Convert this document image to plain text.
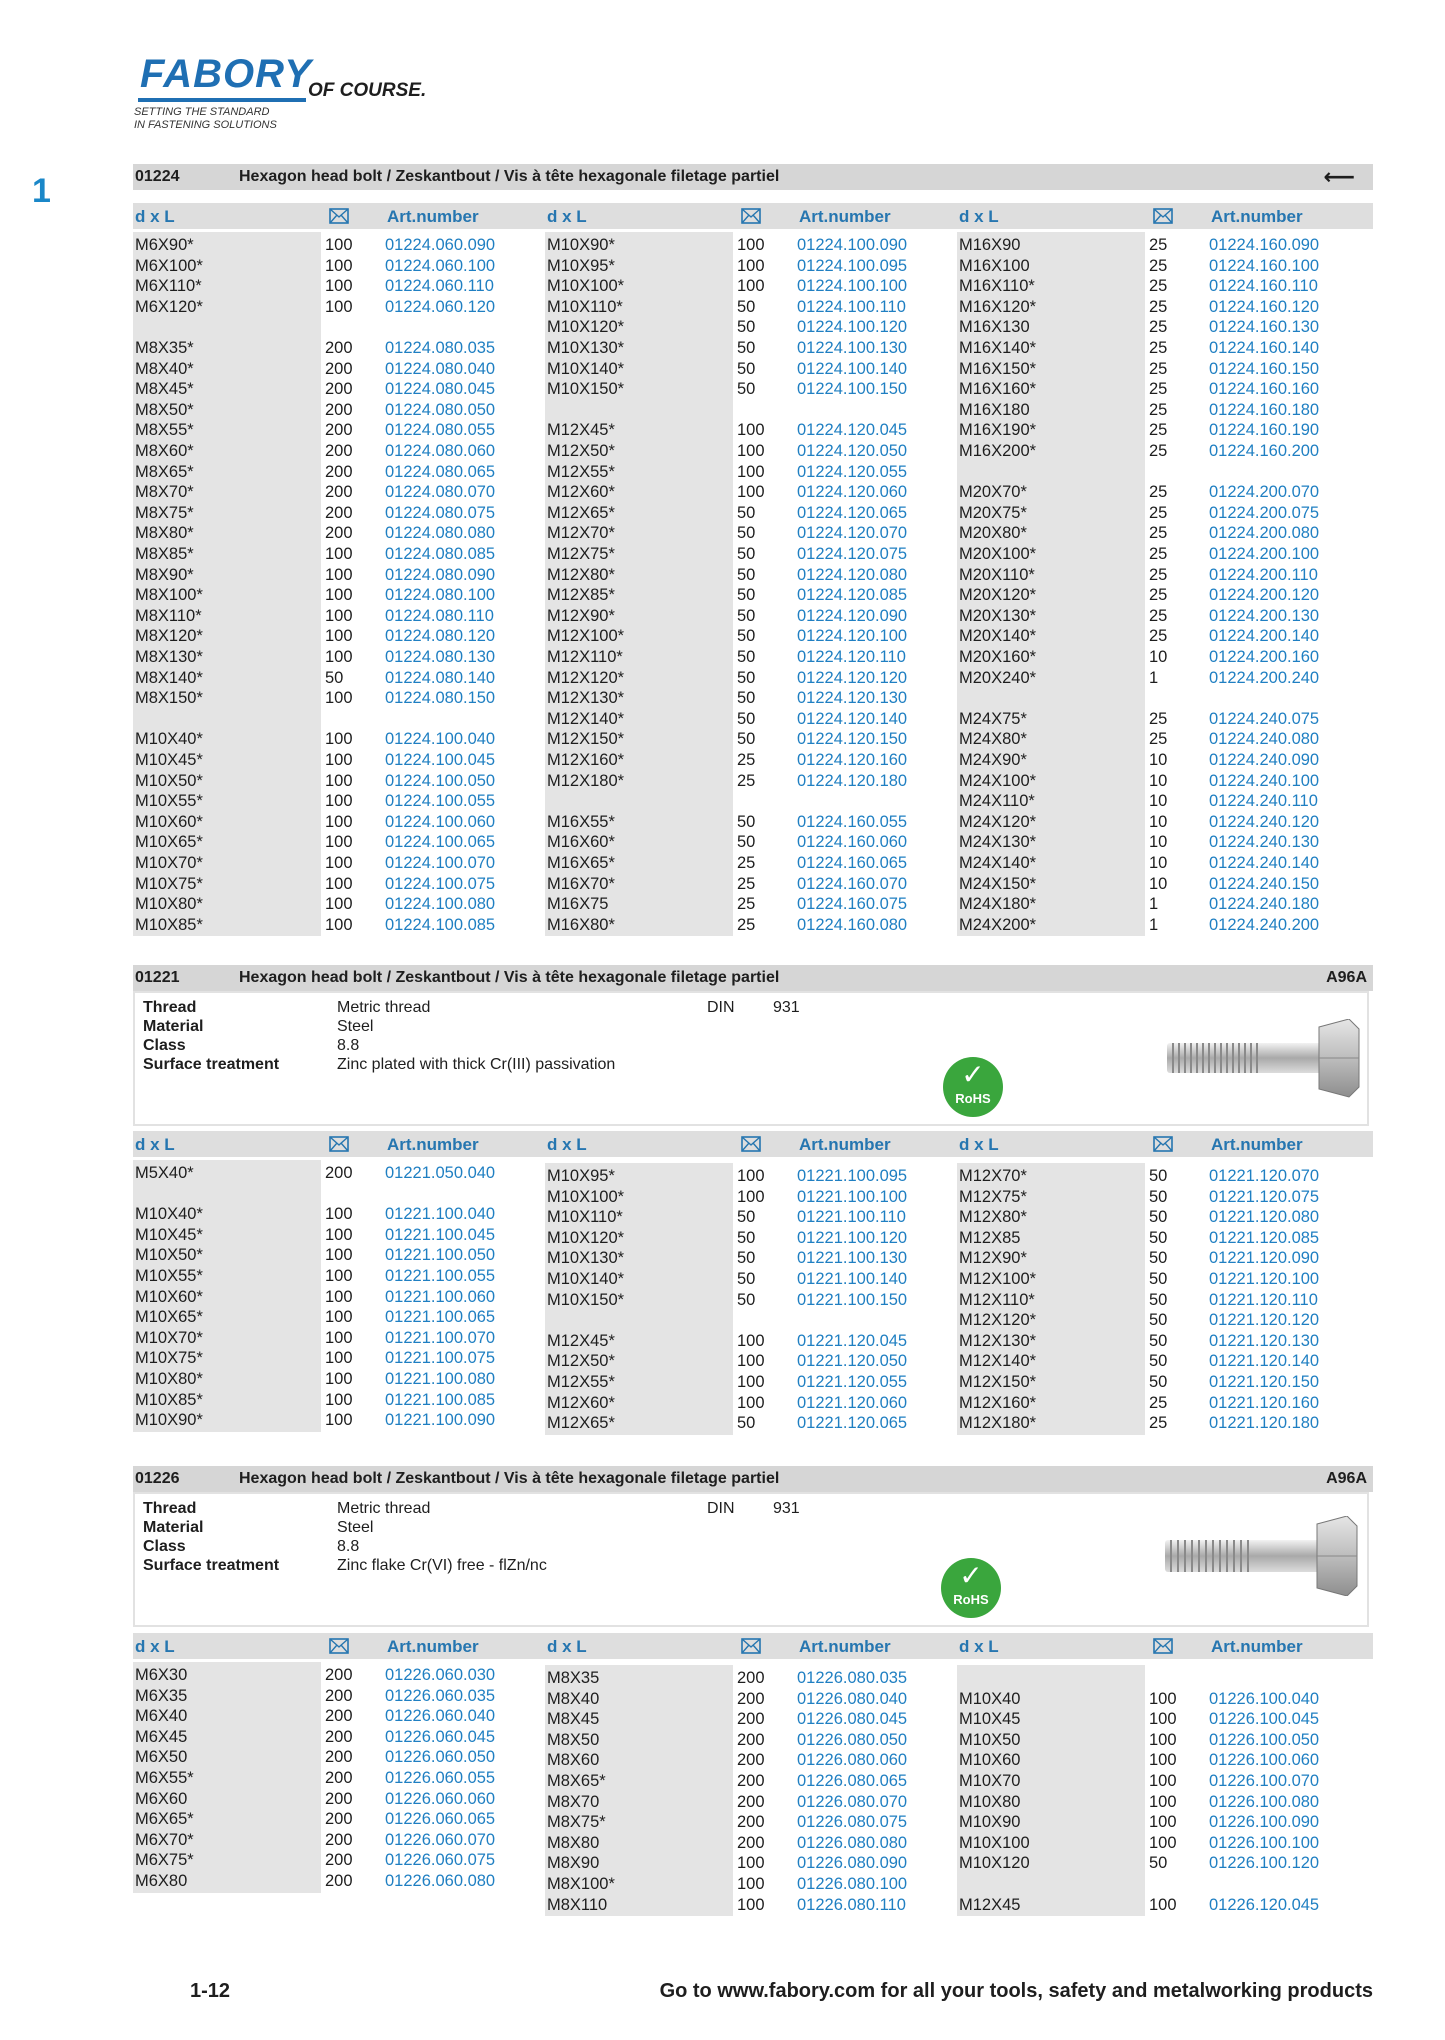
FABORY
OF COURSE.
SETTING THE STANDARD
IN FASTENING SOLUTIONS
1	01224	Hexagon head bolt / Zeskantbout / Vis à tête hexagonale filetage partiel	⟵
d x L	Art.number	d x L	Art.number	d x L	Art.number
M6X90*	100 01224.060.090
M6X100*	100 01224.060.100
M6X110*	100 01224.060.110
M6X120*	100 01224.060.120
M8X35*	200 01224.080.035
M8X40*	200 01224.080.040
M8X45*	200 01224.080.045
M8X50*	200 01224.080.050
M8X55*	200 01224.080.055
M8X60*	200 01224.080.060
M8X65*	200 01224.080.065
M8X70*	200 01224.080.070
M8X75*	200 01224.080.075
M8X80*	200 01224.080.080
M8X85*	100 01224.080.085
M8X90*	100 01224.080.090
M8X100*	100 01224.080.100
M8X110*	100 01224.080.110
M8X120*	100 01224.080.120
M8X130*	100 01224.080.130
M8X140*	50	01224.080.140
M8X150*	100 01224.080.150
M10X40*	100 01224.100.040
M10X45*	100 01224.100.045
M10X50*	100 01224.100.050
M10X55*	100 01224.100.055
M10X60*	100 01224.100.060
M10X65*	100 01224.100.065
M10X70*	100 01224.100.070
M10X75*	100 01224.100.075
M10X80*	100 01224.100.080
M10X85*	100 01224.100.085
M10X90*	100 01224.100.090
M10X95*	100 01224.100.095
M10X100*	100 01224.100.100
M10X110*	50	01224.100.110
M10X120*	50	01224.100.120
M10X130*	50	01224.100.130
M10X140*	50	01224.100.140
M10X150*	50	01224.100.150
M12X45*	100 01224.120.045
M12X50*	100 01224.120.050
M12X55*	100 01224.120.055
M12X60*	100 01224.120.060
M12X65*	50	01224.120.065
M12X70*	50	01224.120.070
M12X75*	50	01224.120.075
M12X80*	50	01224.120.080
M12X85*	50	01224.120.085
M12X90*	50	01224.120.090
M12X100*	50	01224.120.100
M12X110*	50	01224.120.110
M12X120*	50	01224.120.120
M12X130*	50	01224.120.130
M12X140*	50	01224.120.140
M12X150*	50	01224.120.150
M12X160*	25	01224.120.160
M12X180*	25	01224.120.180
M16X55*	50	01224.160.055
M16X60*	50	01224.160.060
M16X65*	25	01224.160.065
M16X70*	25	01224.160.070
M16X75	25	01224.160.075
M16X80*	25	01224.160.080
M16X90	25	01224.160.090
M16X100	25	01224.160.100
M16X110*	25	01224.160.110
M16X120*	25	01224.160.120
M16X130	25	01224.160.130
M16X140*	25	01224.160.140
M16X150*	25	01224.160.150
M16X160*	25	01224.160.160
M16X180	25	01224.160.180
M16X190*	25	01224.160.190
M16X200*	25	01224.160.200
M20X70*	25	01224.200.070
M20X75*	25	01224.200.075
M20X80*	25	01224.200.080
M20X100*	25	01224.200.100
M20X110*	25	01224.200.110
M20X120*	25	01224.200.120
M20X130*	25	01224.200.130
M20X140*	25	01224.200.140
M20X160*	10	01224.200.160
M20X240*	1	01224.200.240
M24X75*	25	01224.240.075
M24X80*	25	01224.240.080
M24X90*	10	01224.240.090
M24X100*	10	01224.240.100
M24X110*	10	01224.240.110
M24X120*	10	01224.240.120
M24X130*	10	01224.240.130
M24X140*	10	01224.240.140
M24X150*	10	01224.240.150
M24X180*	1	01224.240.180
M24X200*	1	01224.240.200
01221	Hexagon head bolt / Zeskantbout / Vis à tête hexagonale filetage partiel	A96A
Thread	Metric thread
Material	Steel
Class	8.8
Surface treatment	Zinc plated with thick Cr(III) passivation
DIN 931
✓
RoHS
d x L	Art.number	d x L	Art.number	d x L	Art.number
M5X40*	200 01221.050.040
M10X40*	100 01221.100.040
M10X45*	100 01221.100.045
M10X50*	100 01221.100.050
M10X55*	100 01221.100.055
M10X60*	100 01221.100.060
M10X65*	100 01221.100.065
M10X70*	100 01221.100.070
M10X75*	100 01221.100.075
M10X80*	100 01221.100.080
M10X85*	100 01221.100.085
M10X90*	100 01221.100.090
M10X95*	100 01221.100.095
M10X100*	100 01221.100.100
M10X110*	50	01221.100.110
M10X120*	50	01221.100.120
M10X130*	50	01221.100.130
M10X140*	50	01221.100.140
M10X150*	50	01221.100.150
M12X45*	100 01221.120.045
M12X50*	100 01221.120.050
M12X55*	100 01221.120.055
M12X60*	100 01221.120.060
M12X65*	50	01221.120.065
M12X70*	50	01221.120.070
M12X75*	50	01221.120.075
M12X80*	50	01221.120.080
M12X85	50	01221.120.085
M12X90*	50	01221.120.090
M12X100*	50	01221.120.100
M12X110*	50	01221.120.110
M12X120*	50	01221.120.120
M12X130*	50	01221.120.130
M12X140*	50	01221.120.140
M12X150*	50	01221.120.150
M12X160*	25	01221.120.160
M12X180*	25	01221.120.180
01226	Hexagon head bolt / Zeskantbout / Vis à tête hexagonale filetage partiel	A96A
Thread	Metric thread
Material	Steel
Class	8.8
Surface treatment	Zinc flake Cr(VI) free - flZn/nc
DIN 931
✓
RoHS
d x L	Art.number	d x L	Art.number	d x L	Art.number
M6X30	200 01226.060.030
M6X35	200 01226.060.035
M6X40	200 01226.060.040
M6X45	200 01226.060.045
M6X50	200 01226.060.050
M6X55*	200 01226.060.055
M6X60	200 01226.060.060
M6X65*	200 01226.060.065
M6X70*	200 01226.060.070
M6X75*	200 01226.060.075
M6X80	200 01226.060.080
M8X35	200 01226.080.035
M8X40	200 01226.080.040
M8X45	200 01226.080.045
M8X50	200 01226.080.050
M8X60	200 01226.080.060
M8X65*	200 01226.080.065
M8X70	200 01226.080.070
M8X75*	200 01226.080.075
M8X80	200 01226.080.080
M8X90	100 01226.080.090
M8X100*	100 01226.080.100
M8X110	100 01226.080.110
M10X40	100 01226.100.040
M10X45	100 01226.100.045
M10X50	100 01226.100.050
M10X60	100 01226.100.060
M10X70	100 01226.100.070
M10X80	100 01226.100.080
M10X90	100 01226.100.090
M10X100	100 01226.100.100
M10X120	50	01226.100.120
M12X45	100 01226.120.045
1-12	Go to www.fabory.com for all your tools, safety and metalworking products
